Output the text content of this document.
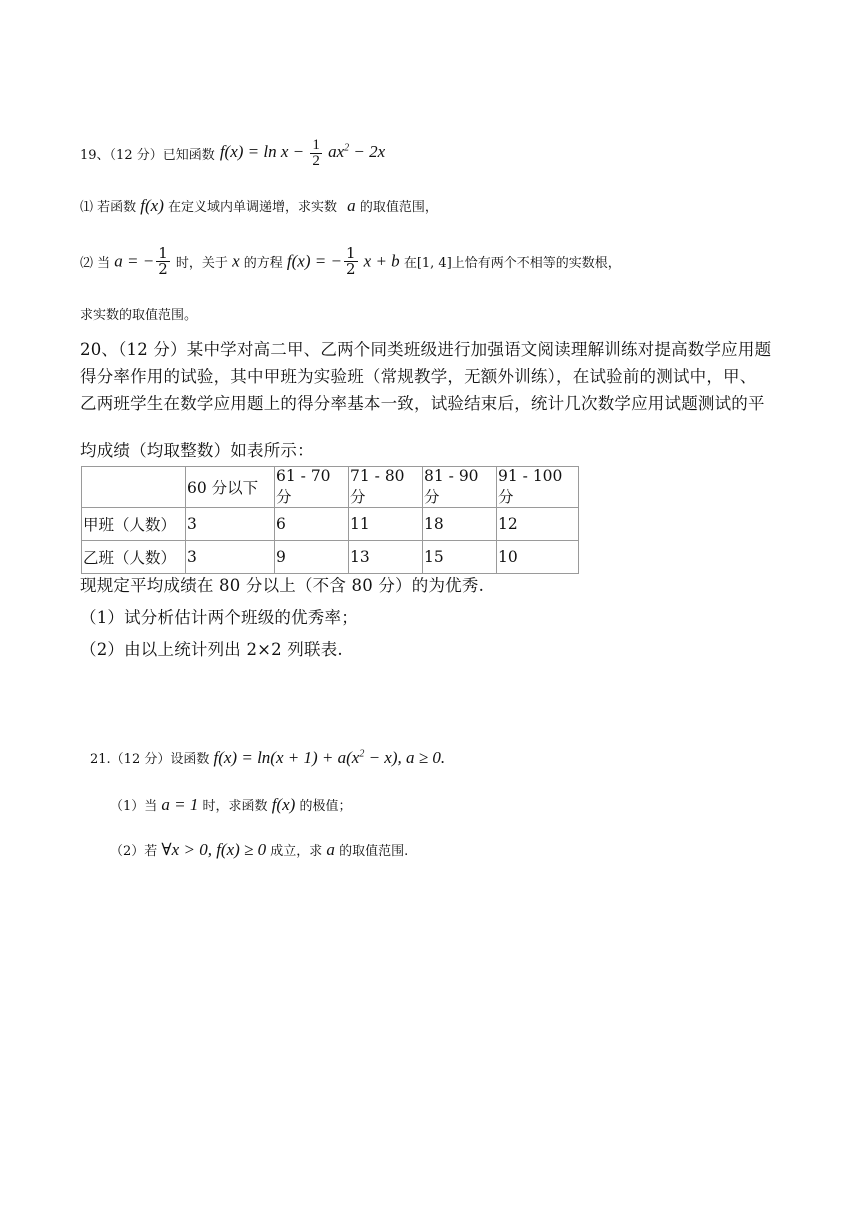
19、（12 分）已知函数 $f(x) = \ln x - \frac{1}{2} ax^2 - 2x$
⑴ 若函数 f(x) 在定义域内单调递增，求实数 a 的取值范围，
⑵ 当 a = − $\frac{1}{2}$ 时，关于 x 的方程 f(x) = − $\frac{1}{2}$ x + b 在[1, 4]上恰有两个不相等的实数根，
求实数的取值范围。
20、（12 分）某中学对高二甲、乙两个同类班级进行加强语文阅读理解训练对提高数学应用题
得分率作用的试验，其中甲班为实验班（常规教学，无额外训练），在试验前的测试中，甲、
乙两班学生在数学应用题上的得分率基本一致，试验结束后，统计几次数学应用试题测试的平
均成绩（均取整数）如表所示：
	60 分以下	61 - 70 分	71 - 80 分	81 - 90 分	91 - 100 分
甲班（人数）	3	6	11	18	12
乙班（人数）	3	9	13	15	10
现规定平均成绩在 80 分以上（不含 80 分）的为优秀.
（1）试分析估计两个班级的优秀率；
（2）由以上统计列出 2×2 列联表.
21.（12 分）设函数 $f(x) = \ln(x + 1) + a(x^2 - x)$, a ≥ 0.
（1）当 a = 1 时，求函数 f(x) 的极值；
（2）若 ∀x > 0, f(x) ≥ 0 成立，求 a 的取值范围.
